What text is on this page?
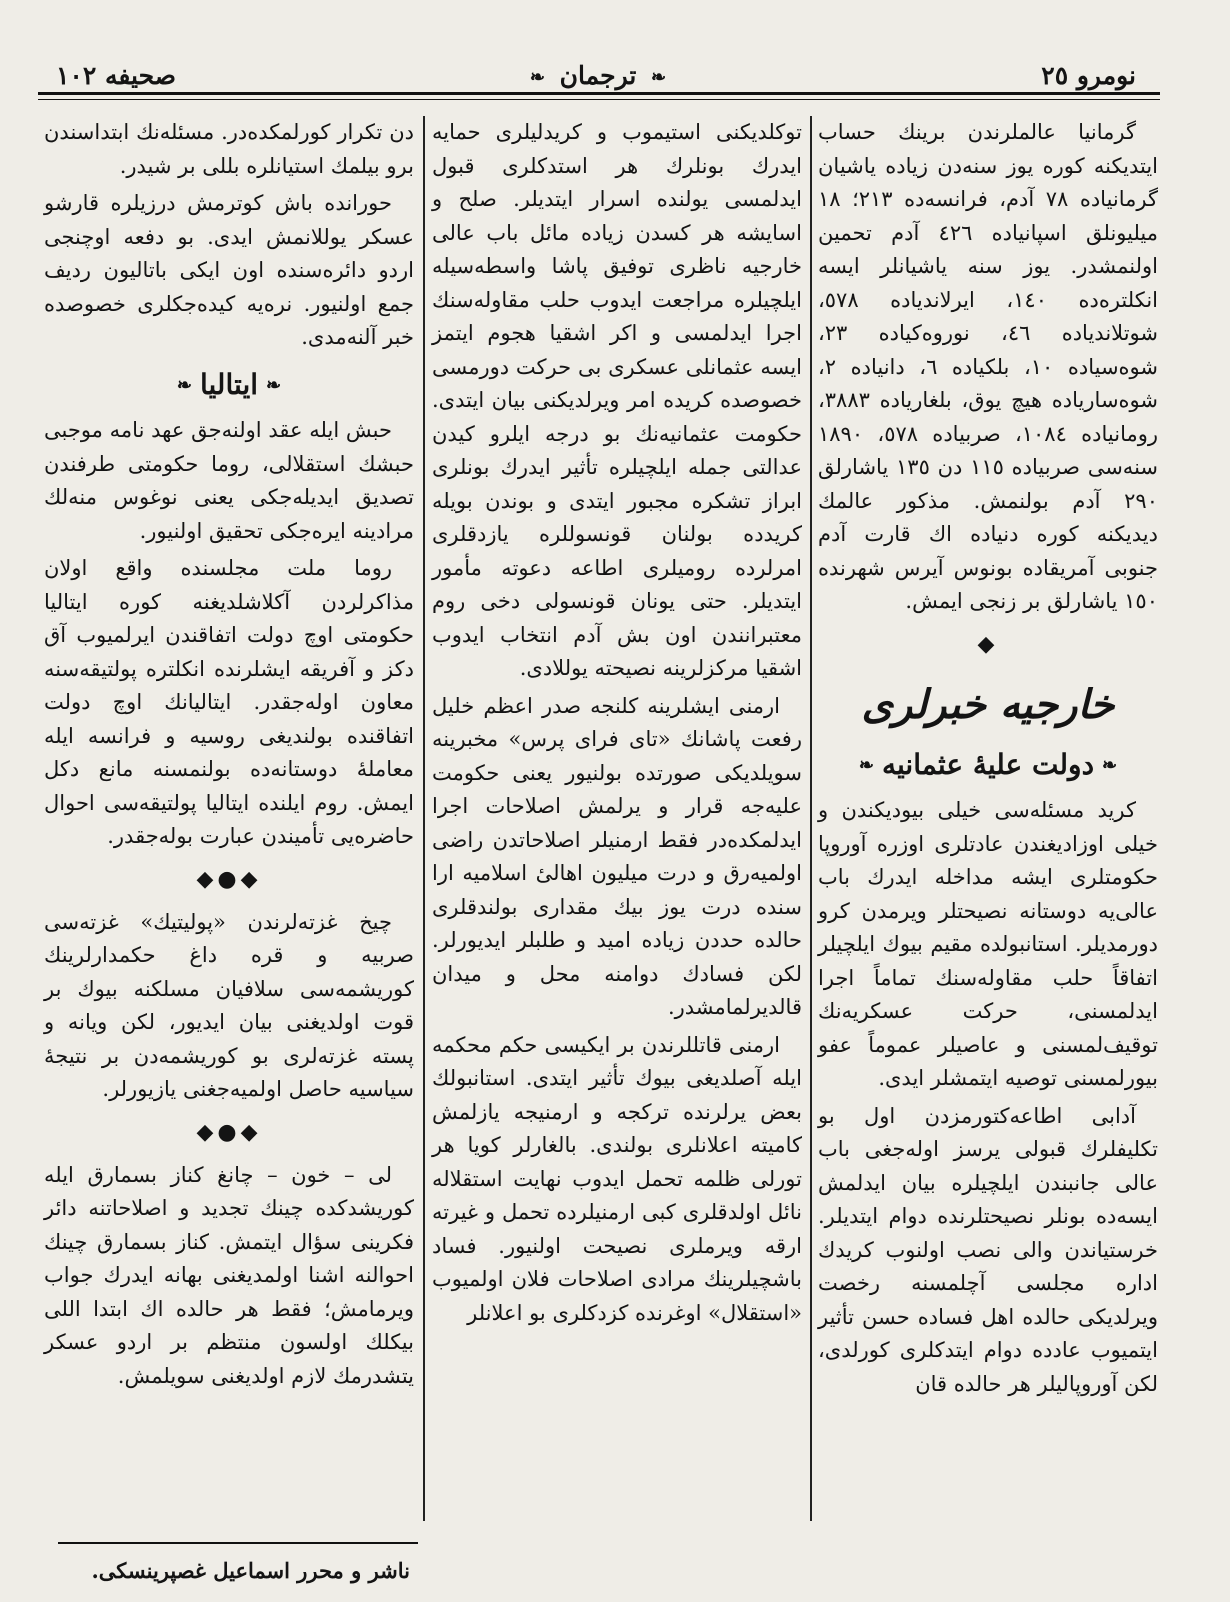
نومرو ٢٥
❧ ترجمان ❧
صحیفه ١٠٢

گرمانیا عالملرندن برینك حساب ایتدیکنه کوره یوز سنه‌دن زیاده یاشیان گرمانیاده ٧٨ آدم، فرانسه‌ده ٢١٣؛ ١٨ میلیونلق اسپانیاده ٤٢٦ آدم تحمین اولنمشدر. یوز سنه یاشیانلر ایسه انکلتره‌ده ١٤٠، ایرلاندیاده ٥٧٨، شوتلاندیاده ٤٦، نوروه‌کیاده ٢٣، شوه‌سیاده ١٠، بلکیاده ٦، دانیاده ٢، شوه‌ساریاده هیچ یوق، بلغاریاده ٣٨٨٣، رومانیاده ١٠٨٤، صربیاده ٥٧٨، ١٨٩٠ سنه‌سی صربیاده ١١٥ دن ١٣٥ یاشارلق ٢٩٠ آدم بولنمش. مذکور عالمك دیدیکنه کوره دنیاده اك قارت آدم جنوبی آمریقاده بونوس آیرس شهرنده ١٥٠ یاشارلق بر زنجی ایمش.

◆
خارجیه خبرلری
❧دولت علیهٔ عثمانیه❧

کرید مسئله‌سی خیلی بیودیکندن و خیلی اوزادیغندن عادتلری اوزره آوروپا حکومتلری ایشه مداخله ایدرك باب عالی‌یه دوستانه نصیحتلر ویرمدن کرو دورمدیلر. استانبولده مقیم بیوك ایلچیلر اتفاقاً حلب مقاوله‌سنك تماماً اجرا ایدلمسنی، حرکت عسکریه‌نك توقیف‌لمسنی و عاصیلر عموماً عفو بیورلمسنی توصیه ایتمشلر ایدی.

آدابی اطاعه‌کتورمزدن اول بو تکلیفلرك قبولی یرسز اوله‌جغی باب عالی جانبندن ایلچیلره بیان ایدلمش ایسه‌ده بونلر نصیحتلرنده دوام ایتدیلر. خرستیاندن والی نصب اولنوب کریدك اداره مجلسی آچلمسنه رخصت ویرلدیکی حالده اهل فساده حسن تأثیر ایتمیوب عادده دوام ایتدکلری کورلدی، لکن آوروپالیلر هر حالده قان

توکلدیکنی استیموب و کریدلیلری حمایه ایدرك بونلرك هر استدکلری قبول ایدلمسی یولنده اسرار ایتدیلر. صلح و اسایشه هر کسدن زیاده مائل باب عالی خارجیه ناظری توفیق پاشا واسطه‌سیله ایلچیلره مراجعت ایدوب حلب مقاوله‌سنك اجرا ایدلمسی و اکر اشقیا هجوم ایتمز ایسه عثمانلی عسکری بی حرکت دورمسی خصوصده کریده امر ویرلدیکنی بیان ایتدی. حکومت عثمانیه‌نك بو درجه ایلرو کیدن عدالتی جمله ایلچیلره تأثیر ایدرك بونلری ابراز تشکره مجبور ایتدی و بوندن بویله کریدده بولنان قونسوللره یازدقلری امرلرده رومیلری اطاعه دعوته مأمور ایتدیلر. حتی یونان قونسولی دخی روم معتبرانندن اون بش آدم انتخاب ایدوب اشقیا مرکزلرینه نصیحته یوللادی.

ارمنی ایشلرینه کلنجه صدر اعظم خلیل رفعت پاشانك «تای فرای پرس» مخبرینه سویلدیکی صورتده بولنیور یعنی حکومت علیه‌جه قرار و یرلمش اصلاحات اجرا ایدلمکده‌در فقط ارمنیلر اصلاحاتدن راضی اولمیه‌رق و درت میلیون اهالیٔ اسلامیه ارا سنده درت یوز بیك مقداری بولندقلری حالده حددن زیاده امید و طلبلر ایدیورلر. لکن فسادك دوامنه محل و میدان قالدیرلمامشدر.

ارمنی قاتللرندن بر ایکیسی حکم محکمه ایله آصلدیغی بیوك تأثیر ایتدی. استانبولك بعض یرلرنده ترکجه و ارمنیجه یازلمش کامیته اعلانلری بولندی. بالغارلر کویا هر تورلی ظلمه تحمل ایدوب نهایت استقلاله نائل اولدقلری کبی ارمنیلرده تحمل و غیرته ارقه ویرملری نصیحت اولنیور. فساد باشچیلرینك مرادی اصلاحات فلان اولمیوب «استقلال» اوغرنده کزدکلری بو اعلانلر

دن تکرار کورلمکده‌در. مسئله‌نك ابتداسندن برو بیلمك استیانلره بللی بر شیدر.

حورانده باش کوترمش درزیلره قارشو عسکر یوللانمش ایدی. بو دفعه اوچنجی اردو دائره‌سنده اون ایکی باتالیون ردیف جمع اولنیور. نره‌یه کیده‌جکلری خصوصده خبر آلنه‌مدی.

❧ایتالیا❧

حبش ایله عقد اولنه‌جق عهد نامه موجبی حبشك استقلالی، روما حکومتی طرفندن تصدیق ایدیله‌جکی یعنی نوغوس منه‌لك مرادینه ایره‌جکی تحقیق اولنیور.

روما ملت مجلسنده واقع اولان مذاکرلردن آکلاشلدیغنه کوره ایتالیا حکومتی اوچ دولت اتفاقندن ایرلمیوب آق دکز و آفریقه ایشلرنده انکلتره پولتیقه‌سنه معاون اوله‌جقدر. ایتالیانك اوچ دولت اتفاقنده بولندیغی روسیه و فرانسه ایله معاملهٔ دوستانه‌ده بولنمسنه مانع دکل ایمش. روم ایلنده ایتالیا پولتیقه‌سی احوال حاضره‌یی تأمیندن عبارت بوله‌جقدر.

◆●◆

چیخ غزته‌لرندن «پولیتیك» غزته‌سی صربیه و قره داغ حکمدارلرینك کوریشمه‌سی سلافیان مسلکنه بیوك بر قوت اولدیغنی بیان ایدیور، لکن ویانه و پسته غزته‌لری بو کوریشمه‌دن بر نتیجهٔ سیاسیه حاصل اولمیه‌جغنی یازیورلر.

◆●◆

لی – خون – چانغ کناز بسمارق ایله کوریشدکده چینك تجدید و اصلاحاتنه دائر فکرینی سؤال ایتمش. کناز بسمارق چینك احوالنه اشنا اولمدیغنی بهانه ایدرك جواب ویرمامش؛ فقط هر حالده اك ابتدا اللی بیکلك اولسون منتظم بر اردو عسکر یتشدرمك لازم اولدیغنی سویلمش.

ناشر و محرر اسماعیل غصپرینسکی.
